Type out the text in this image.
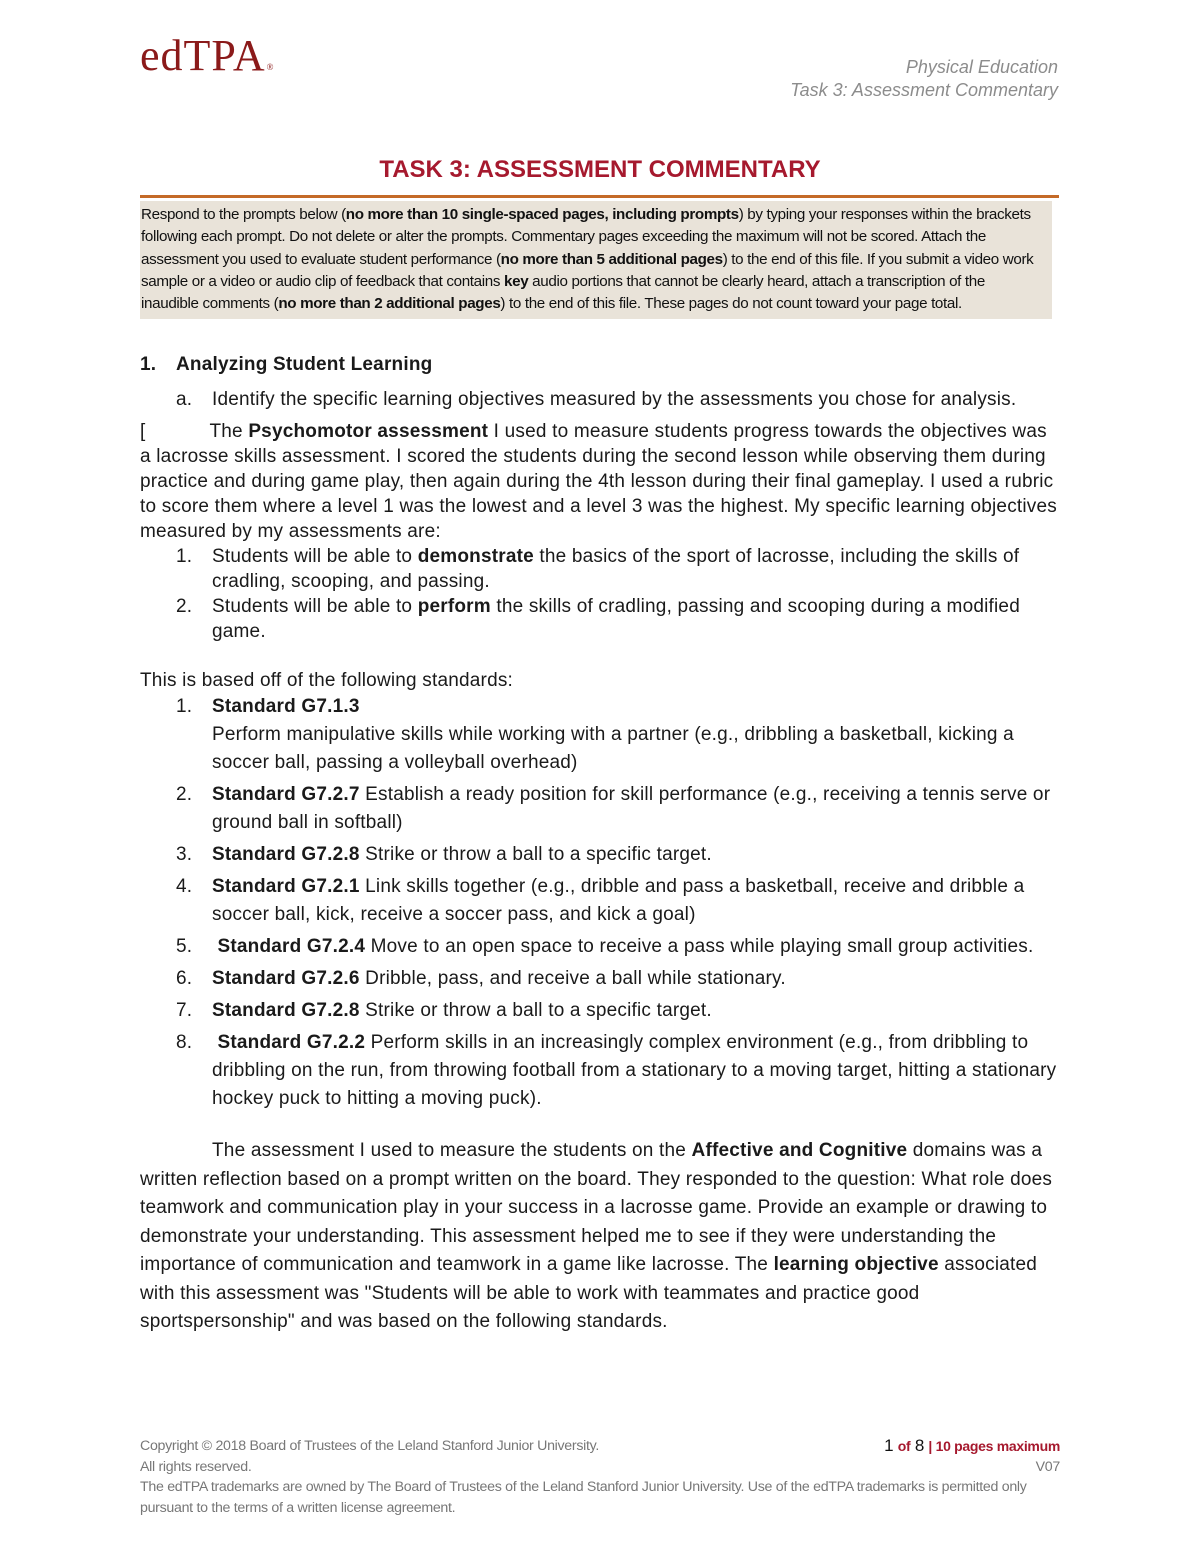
edTPA®	Physical Education
Task 3: Assessment Commentary
TASK 3: ASSESSMENT COMMENTARY
Respond to the prompts below (no more than 10 single-spaced pages, including prompts) by typing your responses within the brackets following each prompt. Do not delete or alter the prompts. Commentary pages exceeding the maximum will not be scored. Attach the assessment you used to evaluate student performance (no more than 5 additional pages) to the end of this file. If you submit a video work sample or a video or audio clip of feedback that contains key audio portions that cannot be clearly heard, attach a transcription of the inaudible comments (no more than 2 additional pages) to the end of this file. These pages do not count toward your page total.
1. Analyzing Student Learning
a.	Identify the specific learning objectives measured by the assessments you chose for analysis.

[	The Psychomotor assessment I used to measure students progress towards the objectives was a lacrosse skills assessment. I scored the students during the second lesson while observing them during practice and during game play, then again during the 4th lesson during their final gameplay. I used a rubric to score them where a level 1 was the lowest and a level 3 was the highest. My specific learning objectives measured by my assessments are:

1.	Students will be able to demonstrate the basics of the sport of lacrosse, including the skills of cradling, scooping, and passing.
2.	Students will be able to perform the skills of cradling, passing and scooping during a modified game.

This is based off of the following standards:

1.	Standard G7.1.3
Perform manipulative skills while working with a partner (e.g., dribbling a basketball, kicking a soccer ball, passing a volleyball overhead)
2.	Standard G7.2.7 Establish a ready position for skill performance (e.g., receiving a tennis serve or ground ball in softball)
3.	Standard G7.2.8 Strike or throw a ball to a specific target.
4.	Standard G7.2.1 Link skills together (e.g., dribble and pass a basketball, receive and dribble a soccer ball, kick, receive a soccer pass, and kick a goal)
5.	Standard G7.2.4 Move to an open space to receive a pass while playing small group activities.
6.	Standard G7.2.6 Dribble, pass, and receive a ball while stationary.
7.	Standard G7.2.8 Strike or throw a ball to a specific target.
8.	Standard G7.2.2 Perform skills in an increasingly complex environment (e.g., from dribbling to dribbling on the run, from throwing football from a stationary to a moving target, hitting a stationary hockey puck to hitting a moving puck).

The assessment I used to measure the students on the Affective and Cognitive domains was a written reflection based on a prompt written on the board. They responded to the question: What role does teamwork and communication play in your success in a lacrosse game. Provide an example or drawing to demonstrate your understanding. This assessment helped me to see if they were understanding the importance of communication and teamwork in a game like lacrosse. The learning objective associated with this assessment was "Students will be able to work with teammates and practice good sportspersonship" and was based on the following standards.

Copyright © 2018 Board of Trustees of the Leland Stanford Junior University.	1 of 8 | 10 pages maximum
All rights reserved.	V07
The edTPA trademarks are owned by The Board of Trustees of the Leland Stanford Junior University. Use of the edTPA trademarks is permitted only pursuant to the terms of a written license agreement.
